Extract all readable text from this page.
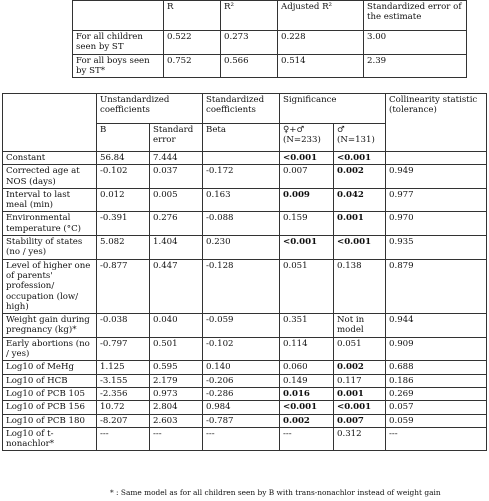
	R	R²	Adjusted R²	Standardized error of the estimate
For all children seen by ST	0.522	0.273	0.228	3.00
For all boys seen by ST*	0.752	0.566	0.514	2.39
	Unstandardized coefficients		Standardized coefficients	Significance		Collinearity statistic (tolerance)
	B	Standard error	Beta	♀+♂ (N=233)	♂ (N=131)	
Constant	56.84	7.444		<0.001	<0.001	
Corrected age at NOS (days)	-0.102	0.037	-0.172	0.007	0.002	0.949
Interval to last meal (min)	0.012	0.005	0.163	0.009	0.042	0.977
Environmental temperature (°C)	-0.391	0.276	-0.088	0.159	0.001	0.970
Stability of states (no / yes)	5.082	1.404	0.230	<0.001	<0.001	0.935
Level of higher one of parents' profession/ occupation (low/ high)	-0.877	0.447	-0.128	0.051	0.138	0.879
Weight gain during pregnancy (kg)*	-0.038	0.040	-0.059	0.351	Not in model	0.944
Early abortions (no / yes)	-0.797	0.501	-0.102	0.114	0.051	0.909
Log10 of MeHg	1.125	0.595	0.140	0.060	0.002	0.688
Log10 of HCB	-3.155	2.179	-0.206	0.149	0.117	0.186
Log10 of PCB 105	-2.356	0.973	-0.286	0.016	0.001	0.269
Log10 of PCB 156	10.72	2.804	0.984	<0.001	<0.001	0.057
Log10 of PCB 180	-8.207	2.603	-0.787	0.002	0.007	0.059
Log10 of t-nonachlor*	---	---	---	---	0.312	---
* : Same model as for all children seen by B with trans-nonachlor instead of weight gain
